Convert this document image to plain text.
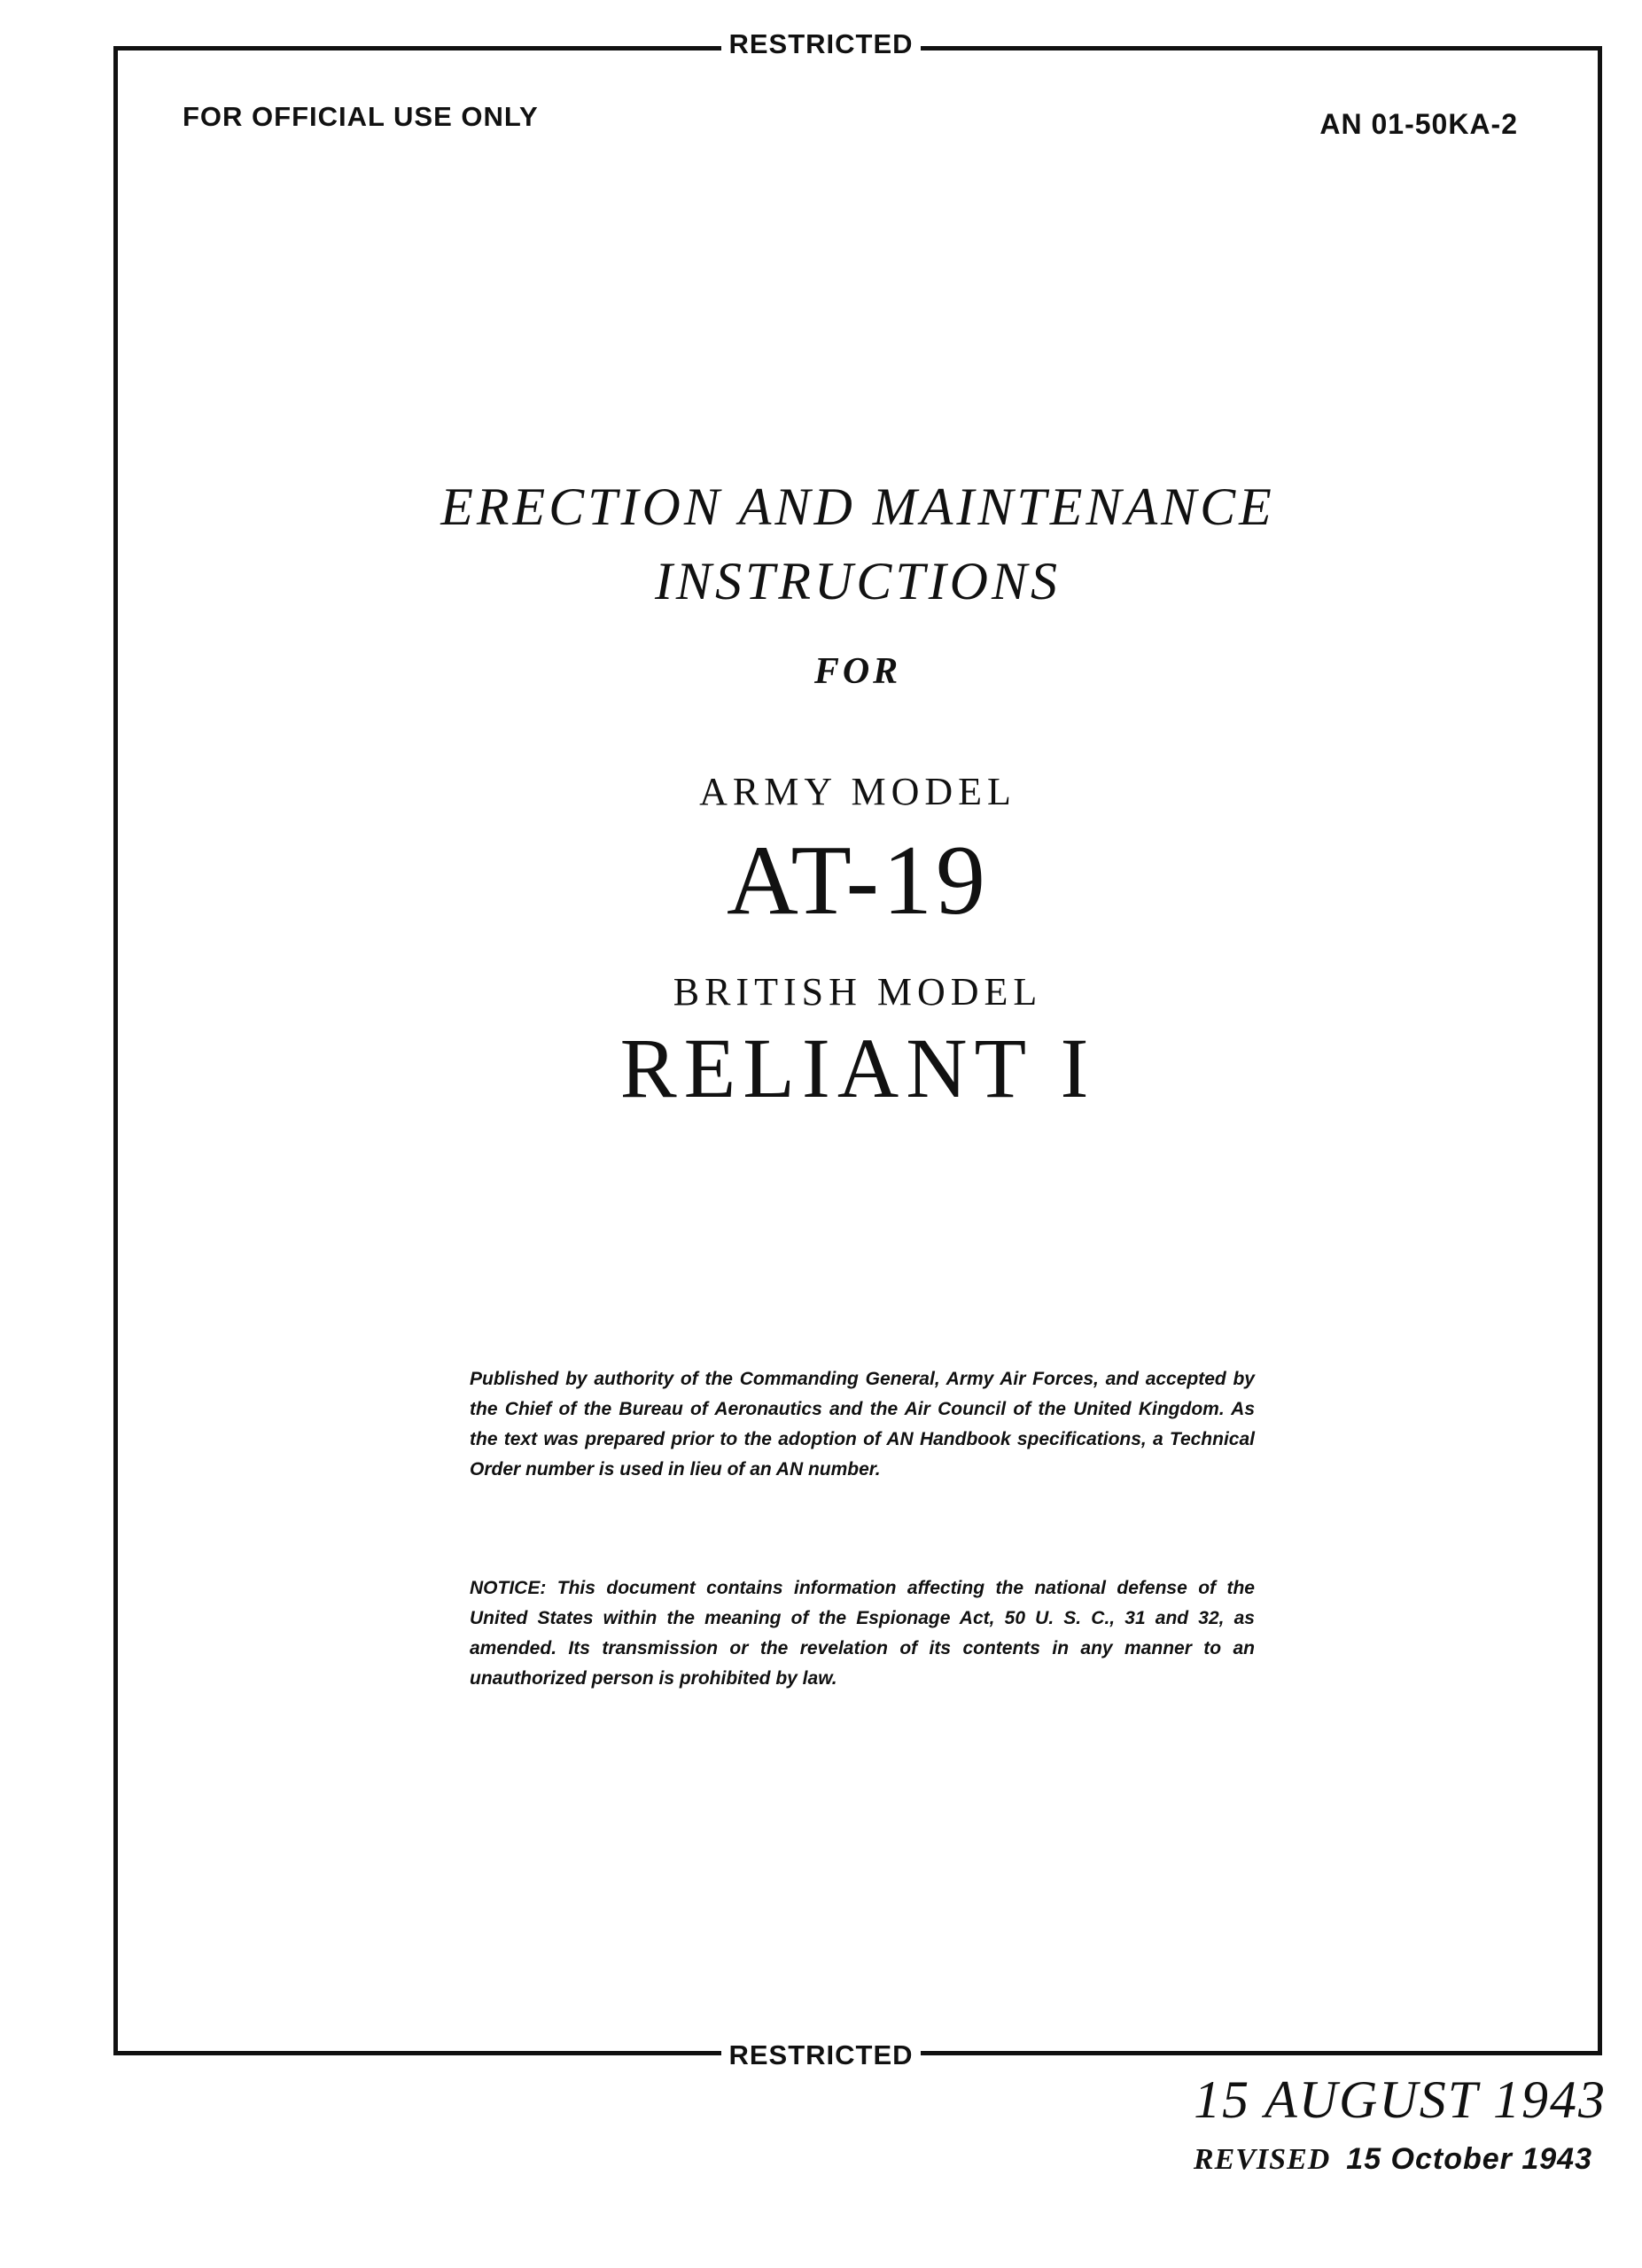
RESTRICTED
FOR OFFICIAL USE ONLY	AN 01-50KA-2
ERECTION AND MAINTENANCE
INSTRUCTIONS
FOR
ARMY MODEL
AT-19
BRITISH MODEL
RELIANT I
Published by authority of the Commanding General, Army Air Forces, and accepted by the Chief of the Bureau of Aeronautics and the Air Council of the United Kingdom. As the text was prepared prior to the adoption of AN Handbook specifications, a Technical Order number is used in lieu of an AN number.
NOTICE: This document contains information affecting the national defense of the United States within the meaning of the Espionage Act, 50 U. S. C., 31 and 32, as amended. Its transmission or the revelation of its contents in any manner to an unauthorized person is prohibited by law.
RESTRICTED
15 AUGUST 1943
REVISED 15 October 1943
